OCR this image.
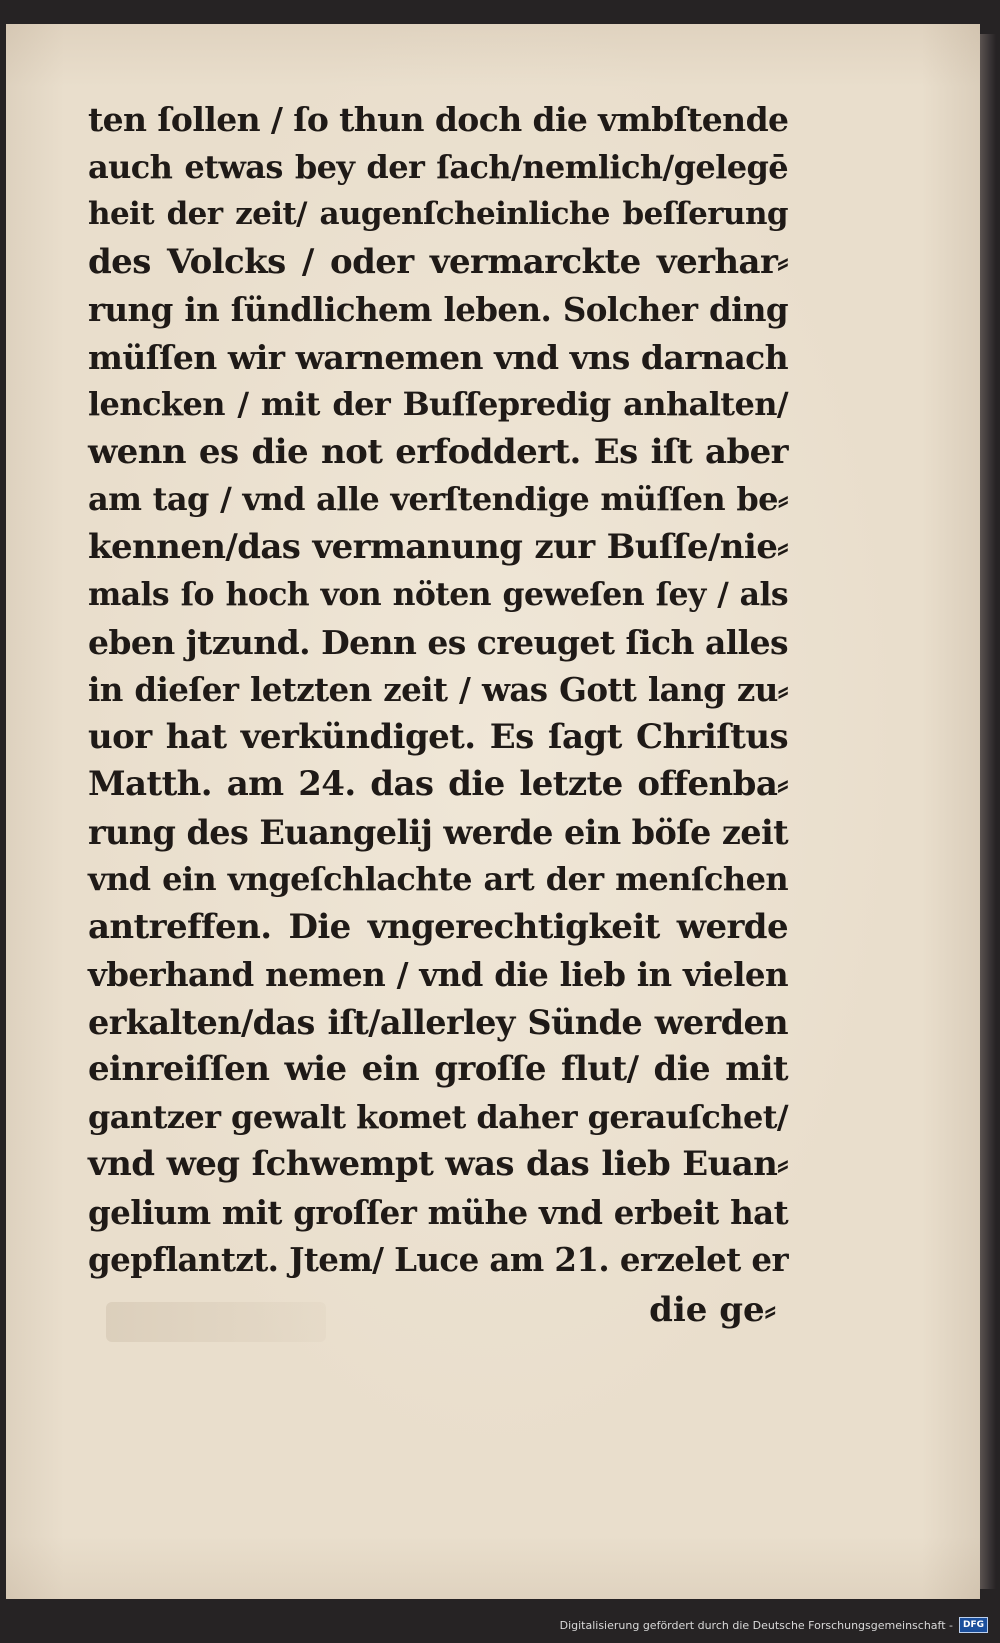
ten ſollen / ſo thun doch die vmbſtende
auch etwas bey der ſach/nemlich/gelegē
heit der zeit/ augenſcheinliche beſſerung
des Volcks / oder vermarckte verhar⸗
rung in ſündlichem leben. Solcher ding
müſſen wir warnemen vnd vns darnach
lencken / mit der Buſſepredig anhalten/
wenn es die not erfoddert. Es iſt aber
am tag / vnd alle verſtendige müſſen be⸗
kennen/das vermanung zur Buſſe/nie⸗
mals ſo hoch von nöten geweſen ſey / als
eben jtzund. Denn es creuget ſich alles
in dieſer letzten zeit / was Gott lang zu⸗
uor hat verkündiget. Es ſagt Chriſtus
Matth. am 24. das die letzte offenba⸗
rung des Euangelij werde ein böſe zeit
vnd ein vngeſchlachte art der menſchen
antreffen. Die vngerechtigkeit werde
vberhand nemen / vnd die lieb in vielen
erkalten/das iſt/allerley Sünde werden
einreiſſen wie ein groſſe flut/ die mit
gantzer gewalt komet daher gerauſchet/
vnd weg ſchwempt was das lieb Euan⸗
gelium mit groſſer mühe vnd erbeit hat
gepflantzt. Jtem/ Luce am 21. erzelet er
die ge⸗
Digitalisierung gefördert durch die Deutsche Forschungsgemeinschaft -	DFG
